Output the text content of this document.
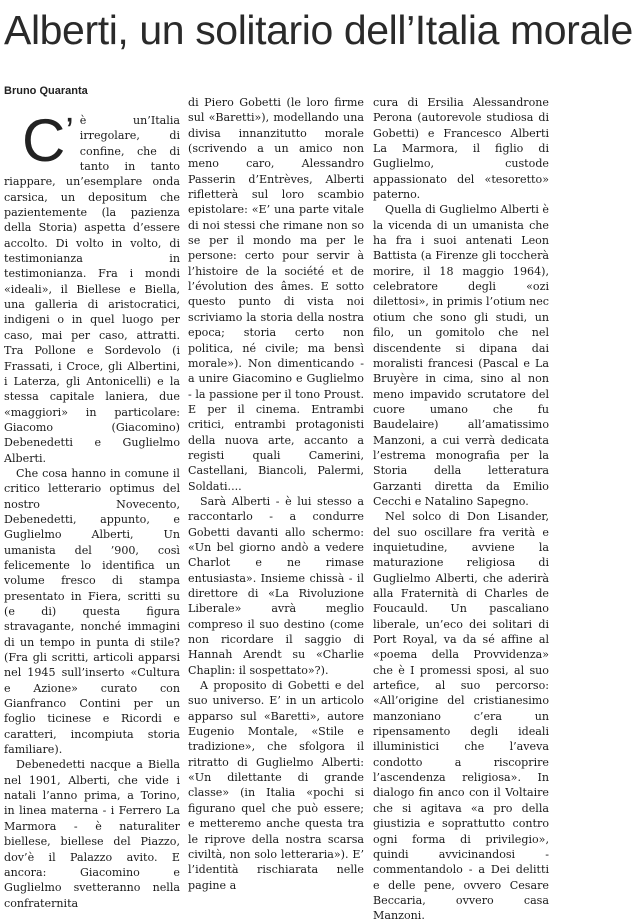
Alberti, un solitario dell’Italia morale
Bruno Quaranta

C’ è un’Italia irregolare, di confine, che di tanto in tanto riappare, un’esemplare onda carsica, un depositum che pazientemente (la pazienza della Storia) aspetta d’essere accolto. Di volto in volto, di testimonianza in testimonianza. Fra i mondi «ideali», il Biellese e Biella, una galleria di aristocratici, indigeni o in quel luogo per caso, mai per caso, attratti. Tra Pollone e Sordevolo (i Frassati, i Croce, gli Albertini, i Laterza, gli Antonicelli) e la stessa capitale laniera, due «maggiori» in particolare: Giacomo (Giacomino) Debenedetti e Guglielmo Alberti.

Che cosa hanno in comune il critico letterario optimus del nostro Novecento, Debenedetti, appunto, e Guglielmo Alberti, Un umanista del ’900, così felicemente lo identifica un volume fresco di stampa presentato in Fiera, scritti su (e di) questa figura stravagante, nonché immagini di un tempo in punta di stile? (Fra gli scritti, articoli apparsi nel 1945 sull’inserto «Cultura e Azione» curato con Gianfranco Contini per un foglio ticinese e Ricordi e caratteri, incompiuta storia familiare).

Debenedetti nacque a Biella nel 1901, Alberti, che vide i natali l’anno prima, a Torino, in linea materna - i Ferrero La Marmora - è naturaliter biellese, biellese del Piazzo, dov’è il Palazzo avito. E ancora: Giacomino e Guglielmo svetteranno nella confraternita

di Piero Gobetti (le loro firme sul «Baretti»), modellando una divisa innanzitutto morale (scrivendo a un amico non meno caro, Alessandro Passerin d’Entrèves, Alberti rifletterà sul loro scambio epistolare: «E’ una parte vitale di noi stessi che rimane non so se per il mondo ma per le persone: certo pour servir à l’histoire de la société et de l’évolution des âmes. E sotto questo punto di vista noi scriviamo la storia della nostra epoca; storia certo non politica, né civile; ma bensì morale»). Non dimenticando - a unire Giacomino e Guglielmo - la passione per il tono Proust. E per il cinema. Entrambi critici, entrambi protagonisti della nuova arte, accanto a registi quali Camerini, Castellani, Biancoli, Palermi, Soldati....

Sarà Alberti - è lui stesso a raccontarlo - a condurre Gobetti davanti allo schermo: «Un bel giorno andò a vedere Charlot e ne rimase entusiasta». Insieme chissà - il direttore di «La Rivoluzione Liberale» avrà meglio compreso il suo destino (come non ricordare il saggio di Hannah Arendt su «Charlie Chaplin: il sospettato»?).

A proposito di Gobetti e del suo universo. E’ in un articolo apparso sul «Baretti», autore Eugenio Montale, «Stile e tradizione», che sfolgora il ritratto di Guglielmo Alberti: «Un dilettante di grande classe» (in Italia «pochi si figurano quel che può essere; e metteremo anche questa tra le riprove della nostra scarsa civiltà, non solo letteraria»). E’ l’identità rischiarata nelle pagine a

cura di Ersilia Alessandrone Perona (autorevole studiosa di Gobetti) e Francesco Alberti La Marmora, il figlio di Guglielmo, custode appassionato del «tesoretto» paterno.

Quella di Guglielmo Alberti è la vicenda di un umanista che ha fra i suoi antenati Leon Battista (a Firenze gli toccherà morire, il 18 maggio 1964), celebratore degli «ozi dilettosi», in primis l’otium nec otium che sono gli studi, un filo, un gomitolo che nel discendente si dipana dai moralisti francesi (Pascal e La Bruyère in cima, sino al non meno impavido scrutatore del cuore umano che fu Baudelaire) all’amatissimo Manzoni, a cui verrà dedicata l’estrema monografia per la Storia della letteratura Garzanti diretta da Emilio Cecchi e Natalino Sapegno.

Nel solco di Don Lisander, del suo oscillare fra verità e inquietudine, avviene la maturazione religiosa di Guglielmo Alberti, che aderirà alla Fraternità di Charles de Foucauld. Un pascaliano liberale, un’eco dei solitari di Port Royal, va da sé affine al «poema della Provvidenza» che è I promessi sposi, al suo artefice, al suo percorso: «All’origine del cristianesimo manzoniano c’era un ripensamento degli ideali illuministici che l’aveva condotto a riscoprire l’ascendenza religiosa». In dialogo fin anco con il Voltaire che si agitava «a pro della giustizia e soprattutto contro ogni forma di privilegio», quindi avvicinandosi - commentandolo - a Dei delitti e delle pene, ovvero Cesare Beccaria, ovvero casa Manzoni.
